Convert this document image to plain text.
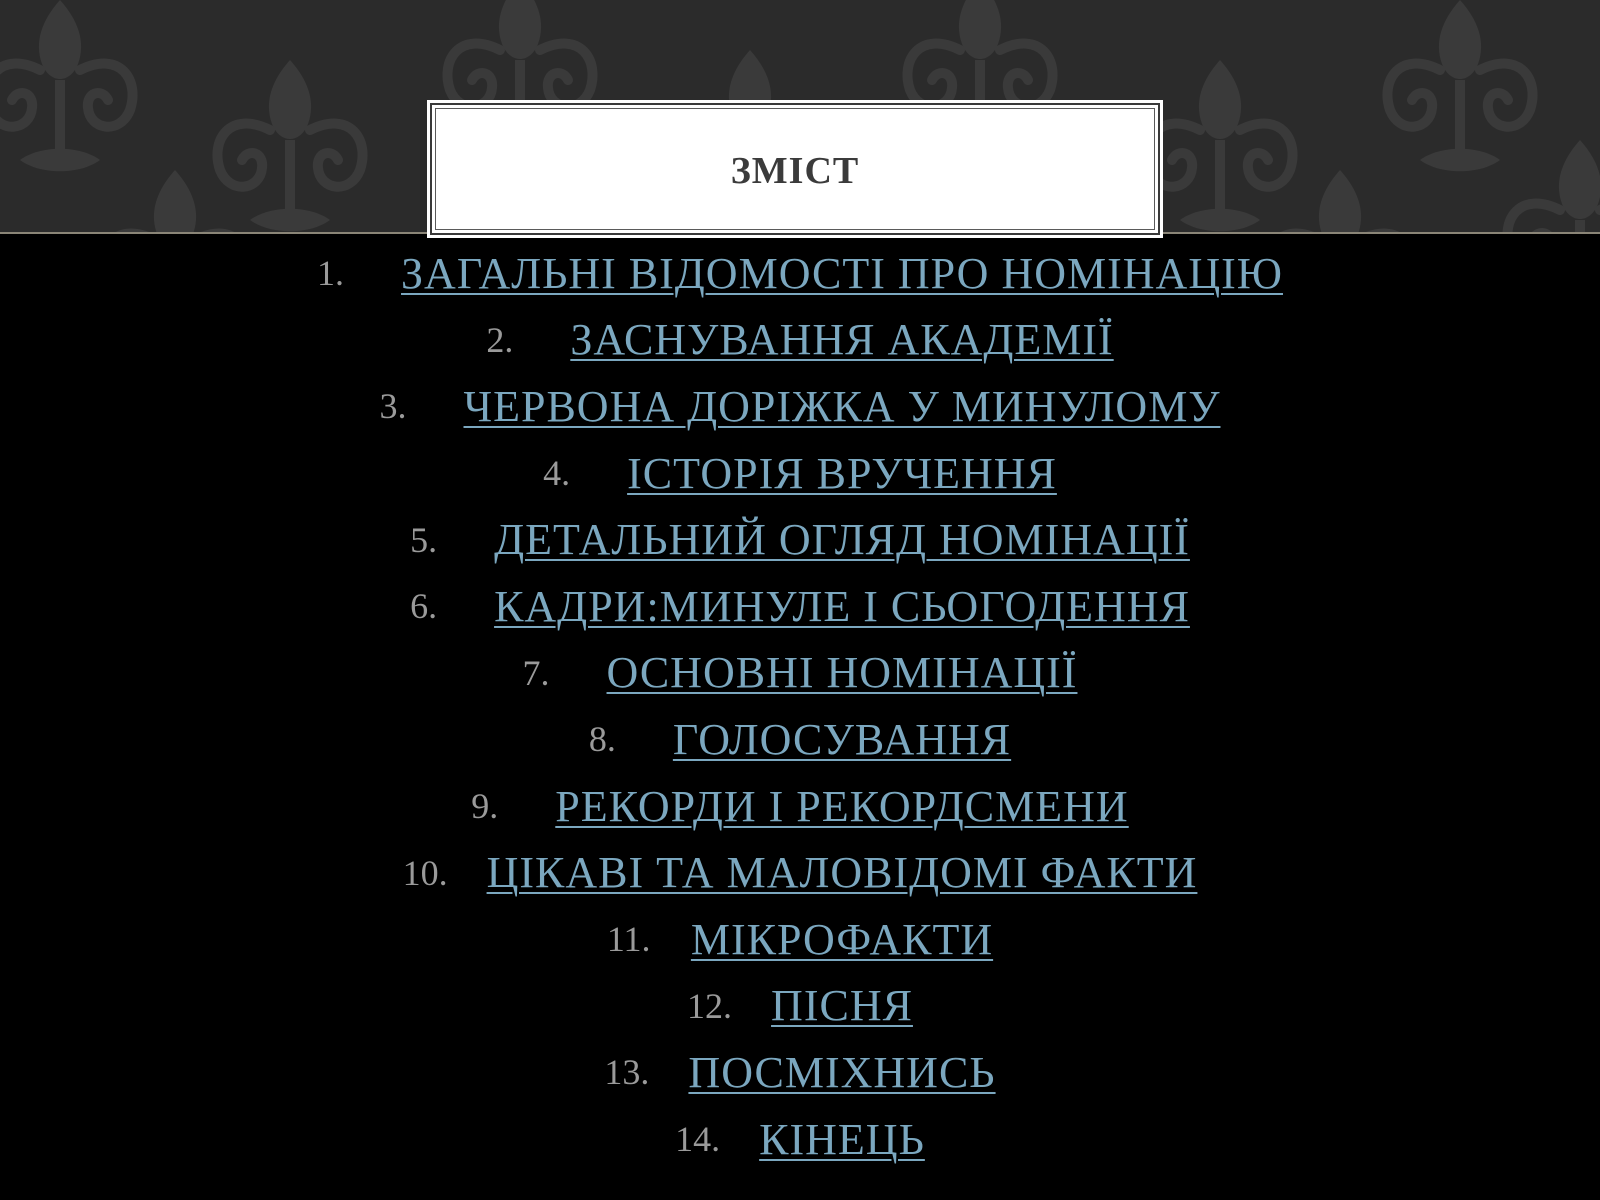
ЗМІСТ
1.	ЗАГАЛЬНІ ВІДОМОСТІ ПРО НОМІНАЦІЮ
2.	ЗАСНУВАННЯ АКАДЕМІЇ
3.	ЧЕРВОНА ДОРІЖКА У МИНУЛОМУ
4.	ІСТОРІЯ ВРУЧЕННЯ
5.	ДЕТАЛЬНИЙ ОГЛЯД НОМІНАЦІЇ
6.	КАДРИ:МИНУЛЕ І СЬОГОДЕННЯ
7.	ОСНОВНІ НОМІНАЦІЇ
8.	ГОЛОСУВАННЯ
9.	РЕКОРДИ І РЕКОРДСМЕНИ
10. ЦІКАВІ ТА МАЛОВІДОМІ ФАКТИ
11. МІКРОФАКТИ
12. ПІСНЯ
13. ПОСМІХНИСЬ
14. КІНЕЦЬ
